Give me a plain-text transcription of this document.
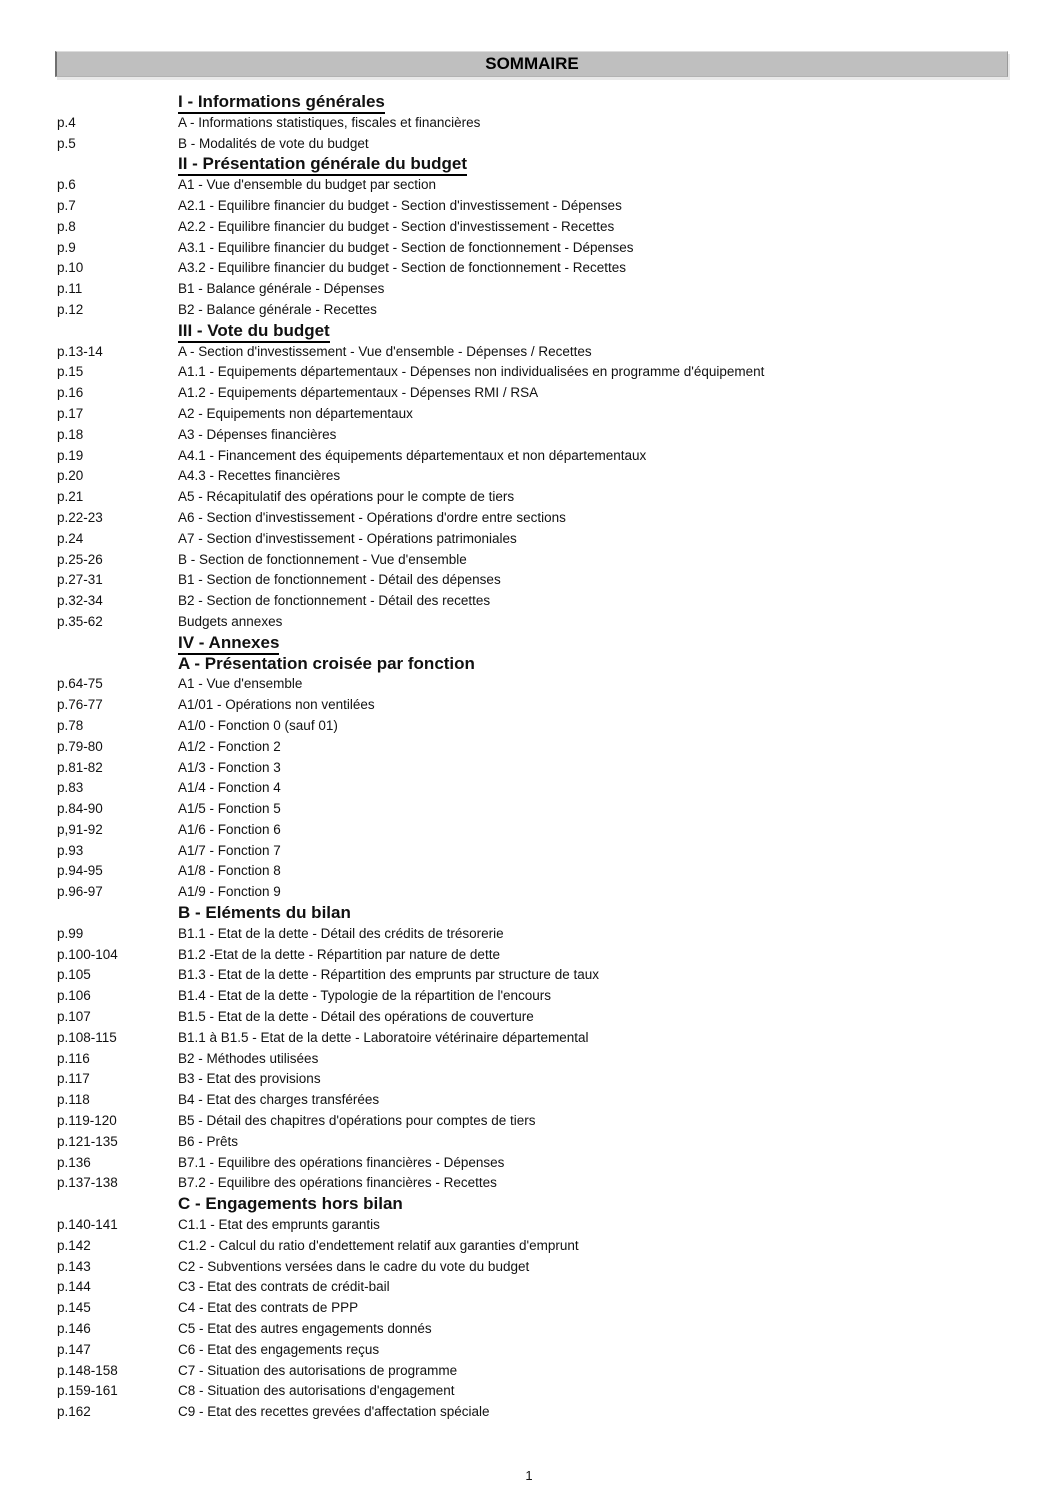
SOMMAIRE
I - Informations générales
p.4	A - Informations statistiques, fiscales et financières
p.5	B - Modalités de vote du budget
II - Présentation générale du budget
p.6	A1 - Vue d'ensemble du budget par section
p.7	A2.1 - Equilibre financier du budget - Section d'investissement - Dépenses
p.8	A2.2 - Equilibre financier du budget - Section d'investissement - Recettes
p.9	A3.1 - Equilibre financier du budget - Section de fonctionnement - Dépenses
p.10	A3.2 - Equilibre financier du budget - Section de fonctionnement - Recettes
p.11	B1 - Balance générale - Dépenses
p.12	B2 - Balance générale - Recettes
III - Vote du budget
p.13-14	A - Section d'investissement - Vue d'ensemble - Dépenses / Recettes
p.15	A1.1 - Equipements départementaux - Dépenses non individualisées en programme d'équipement
p.16	A1.2 - Equipements départementaux - Dépenses RMI / RSA
p.17	A2 - Equipements non départementaux
p.18	A3 - Dépenses financières
p.19	A4.1 - Financement des équipements départementaux et non départementaux
p.20	A4.3 - Recettes financières
p.21	A5 - Récapitulatif des opérations pour le compte de tiers
p.22-23	A6 - Section d'investissement - Opérations d'ordre entre sections
p.24	A7 - Section d'investissement - Opérations patrimoniales
p.25-26	B - Section de fonctionnement - Vue d'ensemble
p.27-31	B1 - Section de fonctionnement - Détail des dépenses
p.32-34	B2 - Section de fonctionnement - Détail des recettes
p.35-62	Budgets annexes
IV - Annexes
A - Présentation croisée par fonction
p.64-75	A1 - Vue d'ensemble
p.76-77	A1/01 - Opérations non ventilées
p.78	A1/0 - Fonction 0 (sauf 01)
p.79-80	A1/2 - Fonction 2
p.81-82	A1/3 - Fonction 3
p.83	A1/4 - Fonction 4
p.84-90	A1/5 - Fonction 5
p,91-92	A1/6 - Fonction 6
p.93	A1/7 - Fonction 7
p.94-95	A1/8 - Fonction 8
p.96-97	A1/9 - Fonction 9
B - Eléments du bilan
p.99	B1.1 - Etat de la dette - Détail des crédits de trésorerie
p.100-104	B1.2 -Etat de la dette - Répartition par nature de dette
p.105	B1.3 - Etat de la dette - Répartition des emprunts par structure de taux
p.106	B1.4 - Etat de la dette - Typologie de la répartition de l'encours
p.107	B1.5 - Etat de la dette - Détail des opérations de couverture
p.108-115	B1.1 à B1.5 - Etat de la dette - Laboratoire vétérinaire départemental
p.116	B2 - Méthodes utilisées
p.117	B3 - Etat des provisions
p.118	B4 - Etat des charges transférées
p.119-120	B5 - Détail des chapitres d'opérations pour comptes de tiers
p.121-135	B6 - Prêts
p.136	B7.1 - Equilibre des opérations financières - Dépenses
p.137-138	B7.2 - Equilibre des opérations financières - Recettes
C - Engagements hors bilan
p.140-141	C1.1 - Etat des emprunts garantis
p.142	C1.2 - Calcul du ratio d'endettement relatif aux garanties d'emprunt
p.143	C2 - Subventions versées dans le cadre du vote du budget
p.144	C3 - Etat des contrats de crédit-bail
p.145	C4 - Etat des contrats de PPP
p.146	C5 - Etat des autres engagements donnés
p.147	C6 - Etat des engagements reçus
p.148-158	C7 - Situation des autorisations de programme
p.159-161	C8 - Situation des autorisations d'engagement
p.162	C9 - Etat des recettes grevées d'affectation spéciale
1
